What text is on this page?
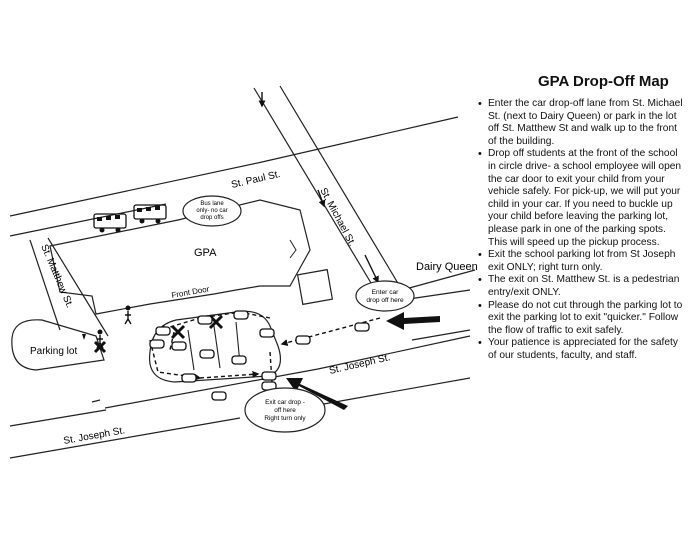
St. Paul St.
St. Michael St.
St. Matthew St.
St. Joseph St.
St. Joseph St.
GPA
Front Door
Parking lot
Dairy Queen
Bus lane
only- no car
drop offs
Enter car
drop off here
Exit car drop -
off here
Right turn only
GPA Drop-Off Map
• Enter the car drop-off lane from St. Michael St. (next to Dairy Queen) or park in the lot off St. Matthew St and walk up to the front of the building.
• Drop off students at the front of the school in circle drive- a school employee will open the car door to exit your child from your vehicle safely. For pick-up, we will put your child in your car. If you need to buckle up your child before leaving the parking lot, please park in one of the parking spots. This will speed up the pickup process.
• Exit the school parking lot from St Joseph exit ONLY; right turn only.
• The exit on St. Matthew St. is a pedestrian entry/exit ONLY.
• Please do not cut through the parking lot to exit the parking lot to exit "quicker." Follow the flow of traffic to exit safely.
• Your patience is appreciated for the safety of our students, faculty, and staff.
